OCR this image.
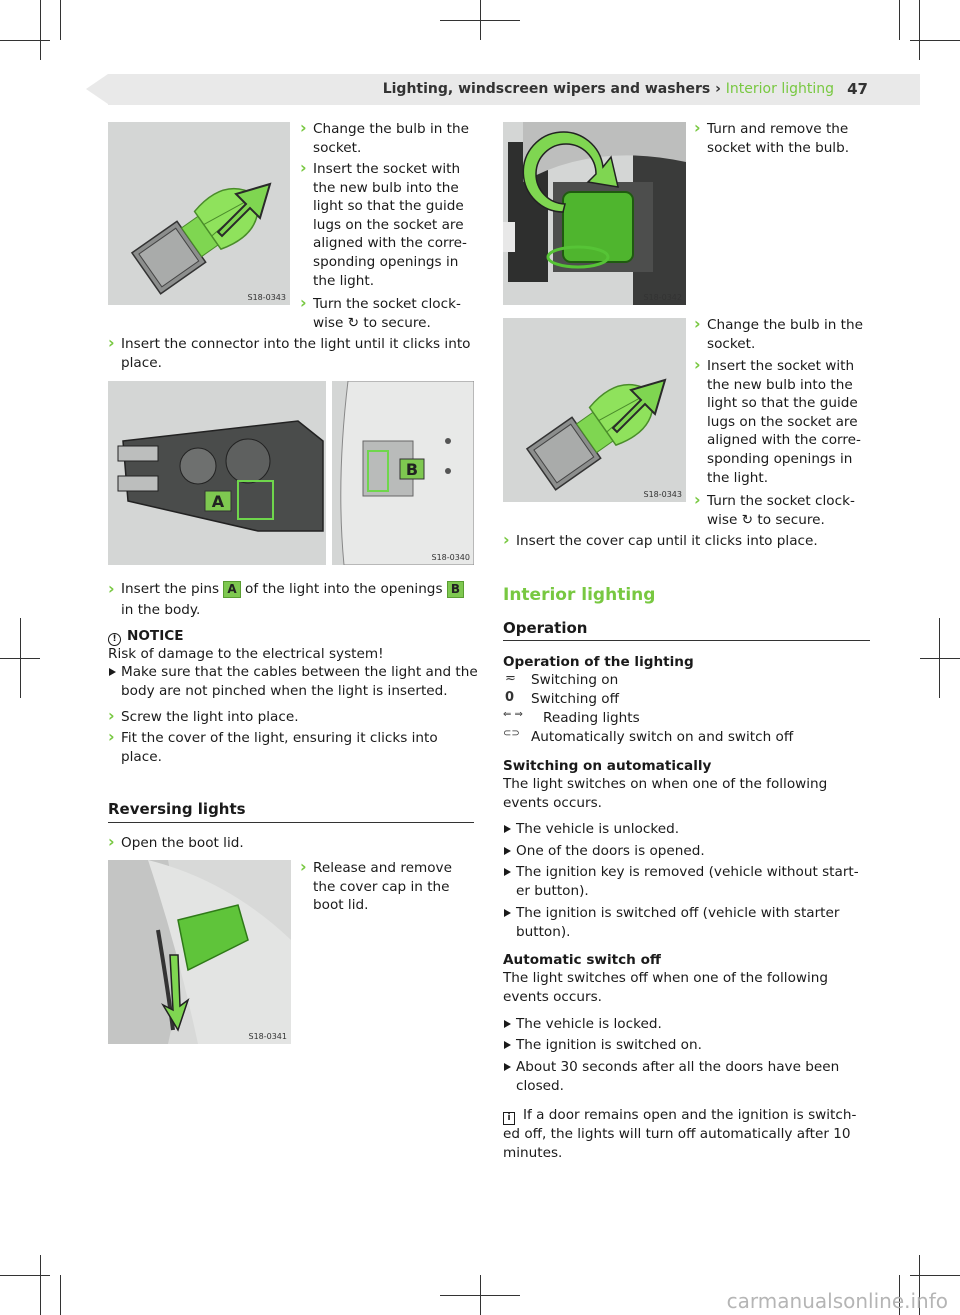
Lighting, windscreen wipers and washers › Interior lighting 47
S18-0343
› Change the bulb in the socket.
› Insert the socket with the new bulb into the light so that the guide lugs on the socket are aligned with the corre-sponding openings in the light.
› Turn the socket clock-wise ↻ to secure.
› Insert the connector into the light until it clicks into place.
A
B
S18-0340
› Insert the pins A of the light into the openings B in the body.
! NOTICE
Risk of damage to the electrical system!
Make sure that the cables between the light and the body are not pinched when the light is inserted.
› Screw the light into place.
› Fit the cover of the light, ensuring it clicks into place.
Reversing lights
› Open the boot lid.
S18-0341
› Release and remove the cover cap in the boot lid.
S18-0342
› Turn and remove the socket with the bulb.
S18-0343
› Change the bulb in the socket.
› Insert the socket with the new bulb into the light so that the guide lugs on the socket are aligned with the corre-sponding openings in the light.
› Turn the socket clock-wise ↻ to secure.
› Insert the cover cap until it clicks into place.
Interior lighting
Operation
Operation of the lighting
≂ Switching on
0 Switching off
⇐ ⇒ Reading lights
⊂⊃ Automatically switch on and switch off
Switching on automatically
The light switches on when one of the following events occurs.
The vehicle is unlocked.
One of the doors is opened.
The ignition key is removed (vehicle without start-er button).
The ignition is switched off (vehicle with starter button).
Automatic switch off
The light switches off when one of the following events occurs.
The vehicle is locked.
The ignition is switched on.
About 30 seconds after all the doors have been closed.
i If a door remains open and the ignition is switch-ed off, the lights will turn off automatically after 10 minutes.
carmanualsonline.info
